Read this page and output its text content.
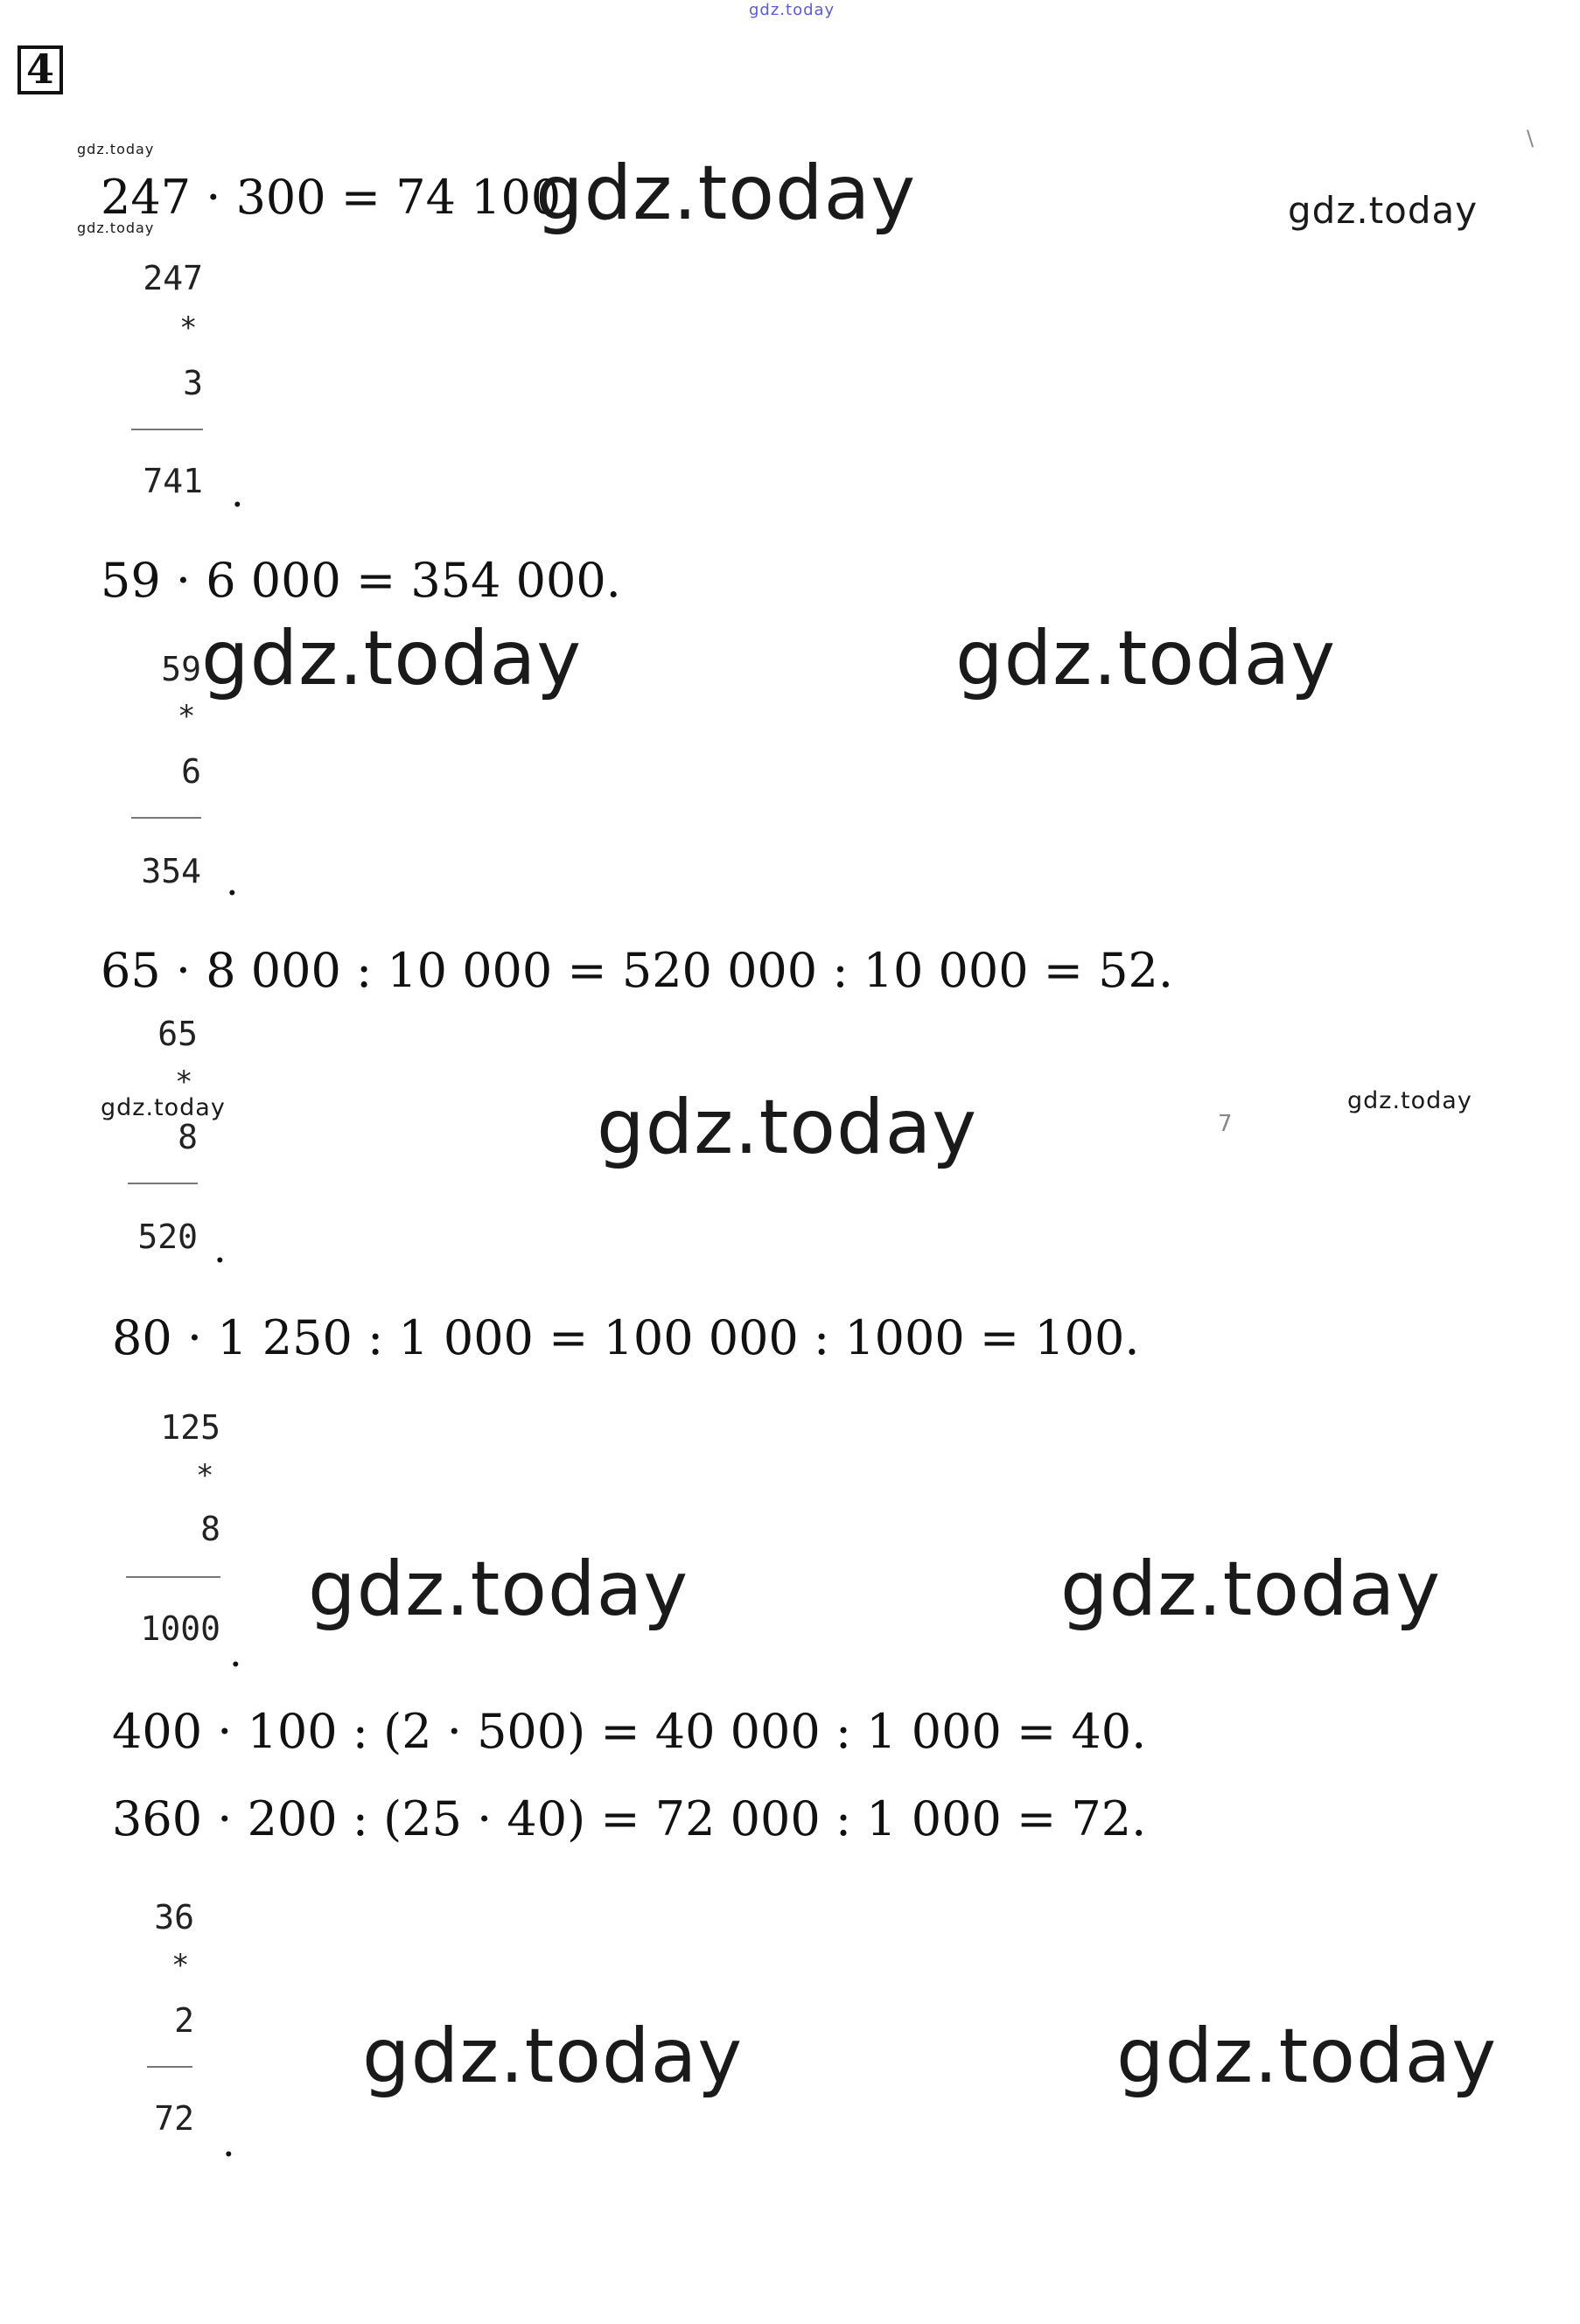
gdz.today
4
\
7
gdz.today
247 · 300 = 74 100.
gdz.today	gdz.today	gdz.today
247
*
3
741 .
59 · 6 000 = 354 000.
59
*
6
354 .
gdz.today	gdz.today
65 · 8 000 : 10 000 = 520 000 : 10 000 = 52.
65
*
8
520 .
gdz.today	gdz.today	gdz.today
80 · 1 250 : 1 000 = 100 000 : 1000 = 100.
125
*
8
1000 .
gdz.today	gdz.today
400 · 100 : (2 · 500) = 40 000 : 1 000 = 40.
360 · 200 : (25 · 40) = 72 000 : 1 000 = 72.
36
*
2
72 .
gdz.today	gdz.today
